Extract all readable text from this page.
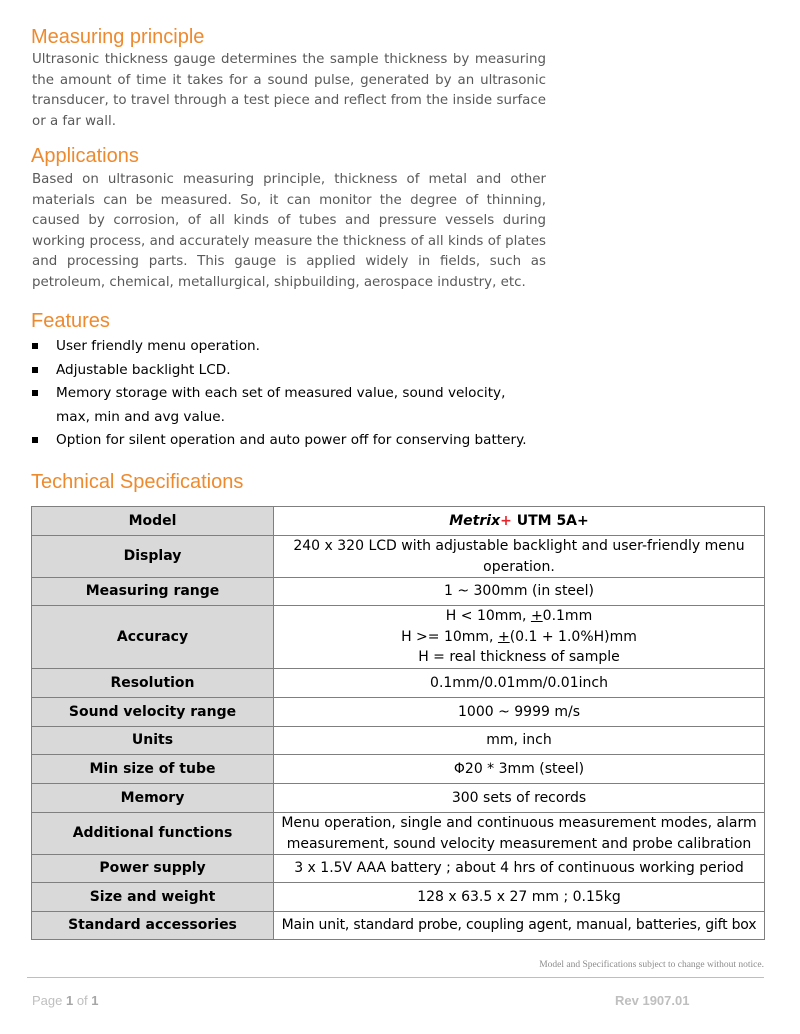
Measuring principle

Ultrasonic thickness gauge determines the sample thickness by measuring the amount of time it takes for a sound pulse, generated by an ultrasonic transducer, to travel through a test piece and reflect from the inside surface or a far wall.

Applications

Based on ultrasonic measuring principle, thickness of metal and other materials can be measured. So, it can monitor the degree of thinning, caused by corrosion, of all kinds of tubes and pressure vessels during working process, and accurately measure the thickness of all kinds of plates and processing parts. This gauge is applied widely in fields, such as petroleum, chemical, metallurgical, shipbuilding, aerospace industry, etc.

Features
User friendly menu operation.
Adjustable backlight LCD.
Memory storage with each set of measured value, sound velocity,
max, min and avg value.
Option for silent operation and auto power off for conserving battery.
Technical Specifications
Model	Metrix+ UTM 5A+
Display	240 x 320 LCD with adjustable backlight and user-friendly menu operation.
Measuring range	1 ~ 300mm (in steel)
Accuracy	H < 10mm, +0.1mm
H >= 10mm, +(0.1 + 1.0%H)mm
H = real thickness of sample

Resolution	0.1mm/0.01mm/0.01inch
Sound velocity range	1000 ~ 9999 m/s
Units	mm, inch
Min size of tube	Φ20 * 3mm (steel)
Memory	300 sets of records
Additional functions	Menu operation, single and continuous measurement modes, alarm measurement, sound velocity measurement and probe calibration
Power supply	3 x 1.5V AAA battery ; about 4 hrs of continuous working period
Size and weight	128 x 63.5 x 27 mm ; 0.15kg
Standard accessories	Main unit, standard probe, coupling agent, manual, batteries, gift box

Model and Specifications subject to change without notice.

Page 1 of 1	Rev 1907.01
